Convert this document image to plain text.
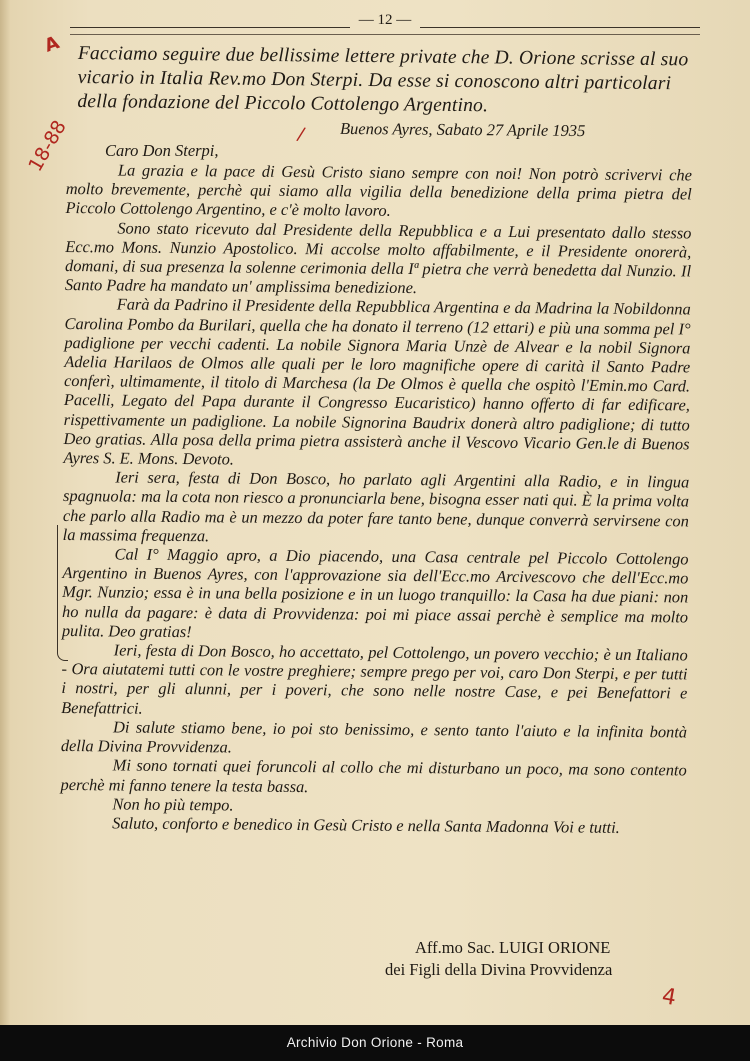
— 12 —
A
18-88	/
Facciamo seguire due bellissime lettere private che D. Orione scrisse al suo vicario in Italia Rev.mo Don Sterpi. Da esse si conoscono altri particolari della fondazione del Piccolo Cottolengo Argentino.
Buenos Ayres, Sabato 27 Aprile 1935
Caro Don Sterpi,

La grazia e la pace di Gesù Cristo siano sempre con noi! Non potrò scrivervi che molto brevemente, perchè qui siamo alla vigilia della benedizione della prima pietra del Piccolo Cottolengo Argentino, e c'è molto lavoro.

Sono stato ricevuto dal Presidente della Repubblica e a Lui presentato dallo stesso Ecc.mo Mons. Nunzio Apostolico. Mi accolse molto affabilmente, e il Presidente onorerà, domani, di sua presenza la solenne cerimonia della Iª pietra che verrà benedetta dal Nunzio. Il Santo Padre ha mandato un' amplissima benedizione.

Farà da Padrino il Presidente della Repubblica Argentina e da Madrina la Nobildonna Carolina Pombo da Burilari, quella che ha donato il terreno (12 ettari) e più una somma pel I° padiglione per vecchi cadenti. La nobile Signora Maria Unzè de Alvear e la nobil Signora Adelia Harilaos de Olmos alle quali per le loro magnifiche opere di carità il Santo Padre conferì, ultimamente, il titolo di Marchesa (la De Olmos è quella che ospitò l'Emin.mo Card. Pacelli, Legato del Papa durante il Congresso Eucaristico) hanno offerto di far edificare, rispettivamente un padiglione. La nobile Signorina Baudrix donerà altro padiglione; di tutto Deo gratias. Alla posa della prima pietra assisterà anche il Vescovo Vicario Gen.le di Buenos Ayres S. E. Mons. Devoto.

Ieri sera, festa di Don Bosco, ho parlato agli Argentini alla Radio, e in lingua spagnuola: ma la cota non riesco a pronunciarla bene, bisogna esser nati qui. È la prima volta che parlo alla Radio ma è un mezzo da poter fare tanto bene, dunque converrà servirsene con la massima frequenza.

Cal I° Maggio apro, a Dio piacendo, una Casa centrale pel Piccolo Cottolengo Argentino in Buenos Ayres, con l'approvazione sia dell'Ecc.mo Arcivescovo che dell'Ecc.mo Mgr. Nunzio; essa è in una bella posizione e in un luogo tranquillo: la Casa ha due piani: non ho nulla da pagare: è data di Provvidenza: poi mi piace assai perchè è semplice ma molto pulita. Deo gratias!

Ieri, festa di Don Bosco, ho accettato, pel Cottolengo, un povero vecchio; è un Italiano - Ora aiutatemi tutti con le vostre preghiere; sempre prego per voi, caro Don Sterpi, e per tutti i nostri, per gli alunni, per i poveri, che sono nelle nostre Case, e pei Benefattori e Benefattrici.

Di salute stiamo bene, io poi sto benissimo, e sento tanto l'aiuto e la infinita bontà della Divina Provvidenza.

Mi sono tornati quei foruncoli al collo che mi disturbano un poco, ma sono contento perchè mi fanno tenere la testa bassa.

Non ho più tempo.

Saluto, conforto e benedico in Gesù Cristo e nella Santa Madonna Voi e tutti.

Aff.mo Sac. LUIGI ORIONE
dei Figli della Divina Provvidenza
4
Archivio Don Orione - Roma
